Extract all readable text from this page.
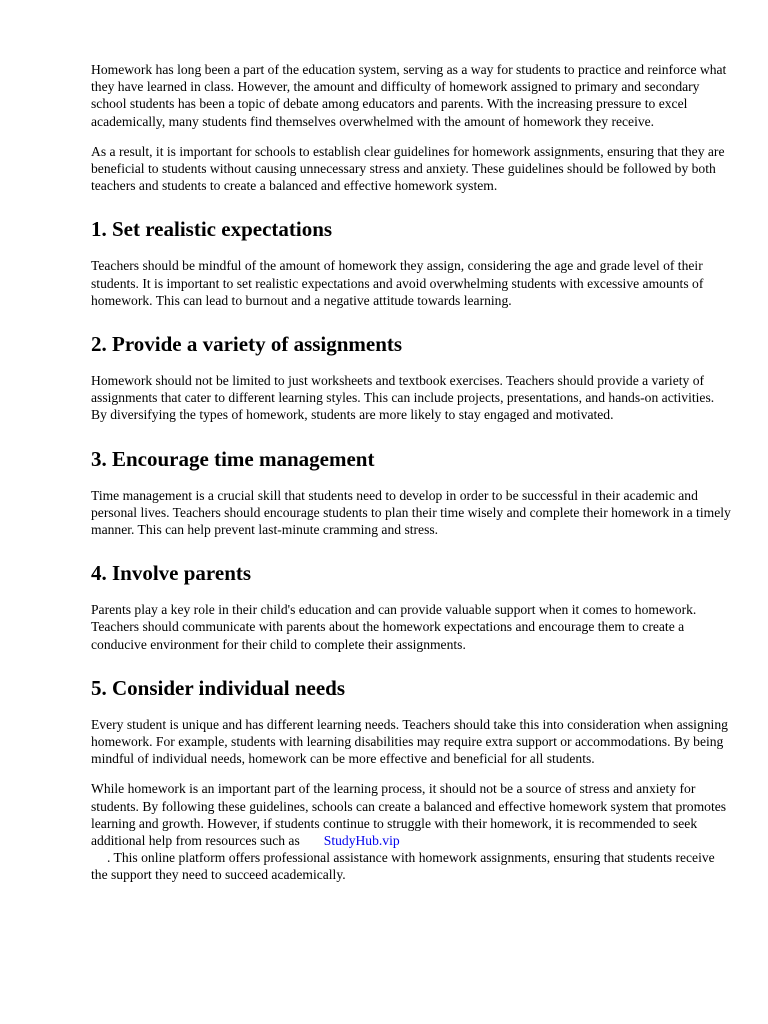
Homework has long been a part of the education system, serving as a way for students to practice and reinforce what they have learned in class. However, the amount and difficulty of homework assigned to primary and secondary school students has been a topic of debate among educators and parents. With the increasing pressure to excel academically, many students find themselves overwhelmed with the amount of homework they receive.

As a result, it is important for schools to establish clear guidelines for homework assignments, ensuring that they are beneficial to students without causing unnecessary stress and anxiety. These guidelines should be followed by both teachers and students to create a balanced and effective homework system.

1. Set realistic expectations

Teachers should be mindful of the amount of homework they assign, considering the age and grade level of their students. It is important to set realistic expectations and avoid overwhelming students with excessive amounts of homework. This can lead to burnout and a negative attitude towards learning.

2. Provide a variety of assignments

Homework should not be limited to just worksheets and textbook exercises. Teachers should provide a variety of assignments that cater to different learning styles. This can include projects, presentations, and hands-on activities. By diversifying the types of homework, students are more likely to stay engaged and motivated.

3. Encourage time management

Time management is a crucial skill that students need to develop in order to be successful in their academic and personal lives. Teachers should encourage students to plan their time wisely and complete their homework in a timely manner. This can help prevent last-minute cramming and stress.

4. Involve parents

Parents play a key role in their child's education and can provide valuable support when it comes to homework. Teachers should communicate with parents about the homework expectations and encourage them to create a conducive environment for their child to complete their assignments.

5. Consider individual needs

Every student is unique and has different learning needs. Teachers should take this into consideration when assigning homework. For example, students with learning disabilities may require extra support or accommodations. By being mindful of individual needs, homework can be more effective and beneficial for all students.

While homework is an important part of the learning process, it should not be a source of stress and anxiety for students. By following these guidelines, schools can create a balanced and effective homework system that promotes learning and growth. However, if students continue to struggle with their homework, it is recommended to seek additional help from resources such as StudyHub.vip
. This online platform offers professional assistance with homework assignments, ensuring that students receive the support they need to succeed academically.
